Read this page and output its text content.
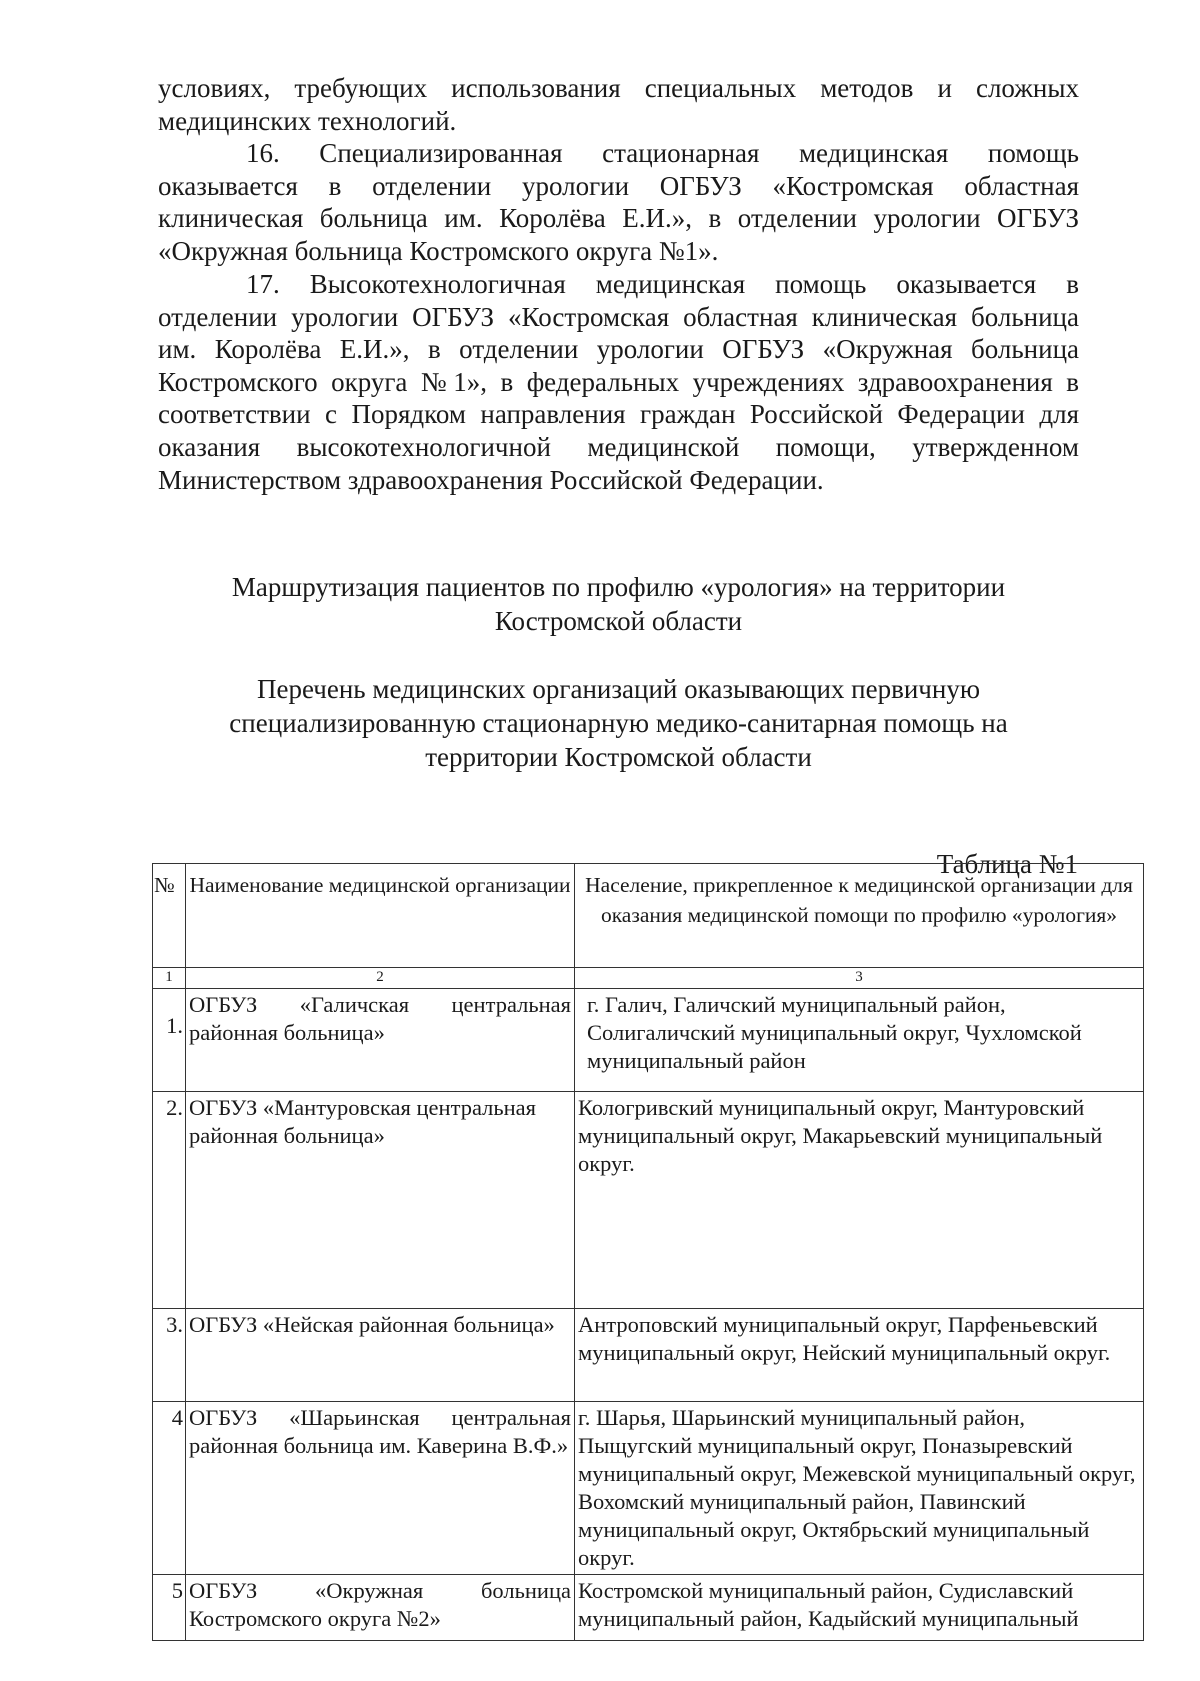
условиях, требующих использования специальных методов и сложных медицинских технологий.

16. Специализированная стационарная медицинская помощь оказывается в отделении урологии ОГБУЗ «Костромская областная клиническая больница им. Королёва Е.И.», в отделении урологии ОГБУЗ «Окружная больница Костромского округа №1».

17. Высокотехнологичная медицинская помощь оказывается в отделении урологии ОГБУЗ «Костромская областная клиническая больница им. Королёва Е.И.», в отделении урологии ОГБУЗ «Окружная больница Костромского округа №1», в федеральных учреждениях здравоохранения в соответствии с Порядком направления граждан Российской Федерации для оказания высокотехнологичной медицинской помощи, утвержденном Министерством здравоохранения Российской Федерации.

Маршрутизация пациентов по профилю «урология» на территории
Костромской области
Перечень медицинских организаций оказывающих первичную
специализированную стационарную медико-санитарная помощь на
территории Костромской области
Таблица №1
№	Наименование медицинской организации	Население, прикрепленное к медицинской организации для оказания медицинской помощи по профилю «урология»
1	2	3
1.	ОГБУЗ «Галичская центральная районная больница»	г. Галич, Галичский муниципальный район, Солигаличский муниципальный округ, Чухломской муниципальный район
2.	ОГБУЗ «Мантуровская центральная районная больница»	Кологривский муниципальный округ, Мантуровский муниципальный округ, Макарьевский муниципальный округ.
3.	ОГБУЗ «Нейская районная больница»	Антроповский муниципальный округ, Парфеньевский муниципальный округ, Нейский муниципальный округ.
4	ОГБУЗ «Шарьинская центральная районная больница им. Каверина В.Ф.»	г. Шарья, Шарьинский муниципальный район, Пыщугский муниципальный округ, Поназыревский муниципальный округ, Межевской муниципальный округ, Вохомский муниципальный район, Павинский муниципальный округ, Октябрьский муниципальный округ.
5	ОГБУЗ «Окружная больница Костромского округа №2»	Костромской муниципальный район, Судиславский муниципальный район, Кадыйский муниципальный
